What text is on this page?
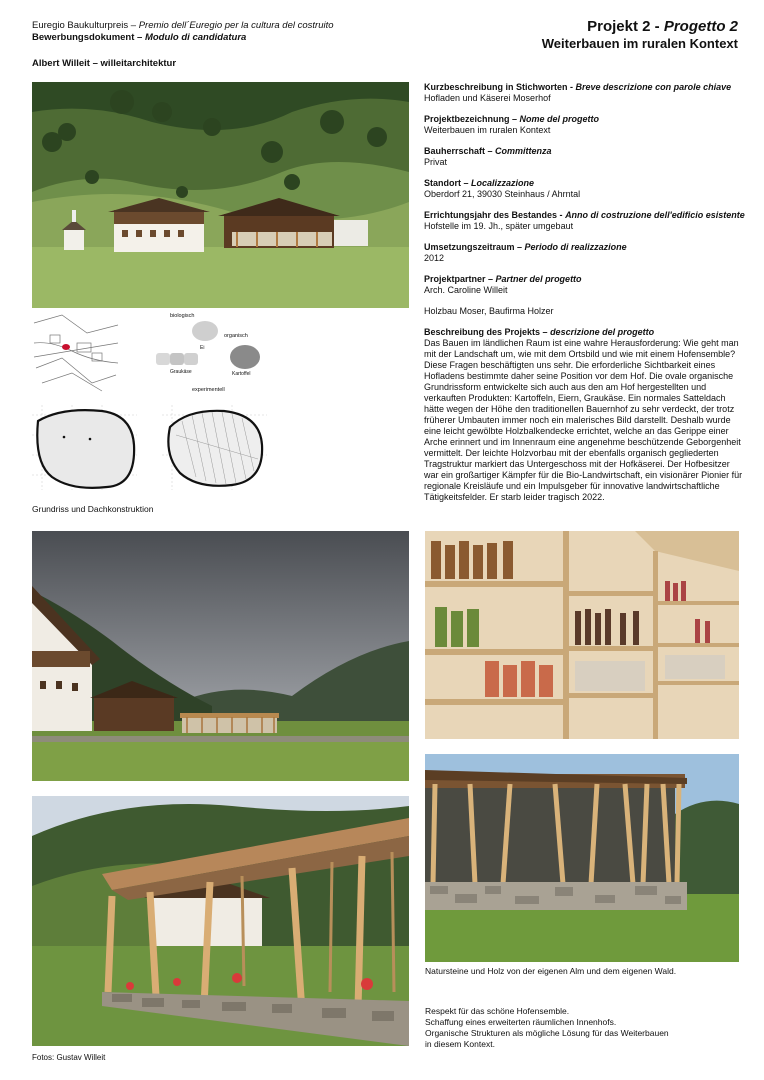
Euregio Baukulturpreis – Premio dell´Euregio per la cultura del costruito
Bewerbungsdokument – Modulo di candidatura
Projekt 2 - Progetto 2
Weiterbauen im ruralen Kontext
Albert Willeit – willeitarchitektur
biologisch
organisch
Ei
Graukäse	Kartoffel
experimentell
Grundriss und Dachkonstruktion
Kurzbeschreibung in Stichworten - Breve descrizione con parole chiave
Hofladen und Käserei Moserhof
Projektbezeichnung – Nome del progetto
Weiterbauen im ruralen Kontext
Bauherrschaft – Committenza
Privat
Standort – Localizzazione
Oberdorf 21, 39030 Steinhaus / Ahrntal
Errichtungsjahr des Bestandes - Anno di costruzione dell'edificio esistente
Hofstelle im 19. Jh., später umgebaut
Umsetzungszeitraum – Periodo di realizzazione
2012
Projektpartner – Partner del progetto
Arch. Caroline Willeit
Holzbau Moser, Baufirma Holzer
Beschreibung des Projekts – descrizione del progetto
Das Bauen im ländlichen Raum ist eine wahre Herausforderung: Wie geht man mit der Landschaft um, wie mit dem Ortsbild und wie mit einem Hofensemble? Diese Fragen beschäftigten uns sehr. Die erforderliche Sichtbarkeit eines Hofladens bestimmte daher seine Position vor dem Hof. Die ovale organische Grundrissform entwickelte sich auch aus den am Hof hergestellten und verkauften Produkten: Kartoffeln, Eiern, Graukäse. Ein normales Satteldach hätte wegen der Höhe den traditionellen Bauernhof zu sehr verdeckt, der trotz früherer Umbauten immer noch ein malerisches Bild darstellt. Deshalb wurde eine leicht gewölbte Holzbalkendecke errichtet, welche an das Gerippe einer Arche erinnert und im Innenraum eine angenehme beschützende Geborgenheit vermittelt. Der leichte Holzvorbau mit der ebenfalls organisch gegliederten Tragstruktur markiert das Untergeschoss mit der Hofkäserei. Der Hofbesitzer war ein großartiger Kämpfer für die Bio-Landwirtschaft, ein visionärer Pionier für regionale Kreisläufe und ein Impulsgeber für innovative landwirtschaftliche Tätigkeitsfelder. Er starb leider tragisch 2022.
Natursteine und Holz von der eigenen Alm und dem eigenen Wald.
Respekt für das schöne Hofensemble.
Schaffung eines erweiterten räumlichen Innenhofs.
Organische Strukturen als mögliche Lösung für das Weiterbauen
in diesem Kontext.
Fotos: Gustav Willeit
